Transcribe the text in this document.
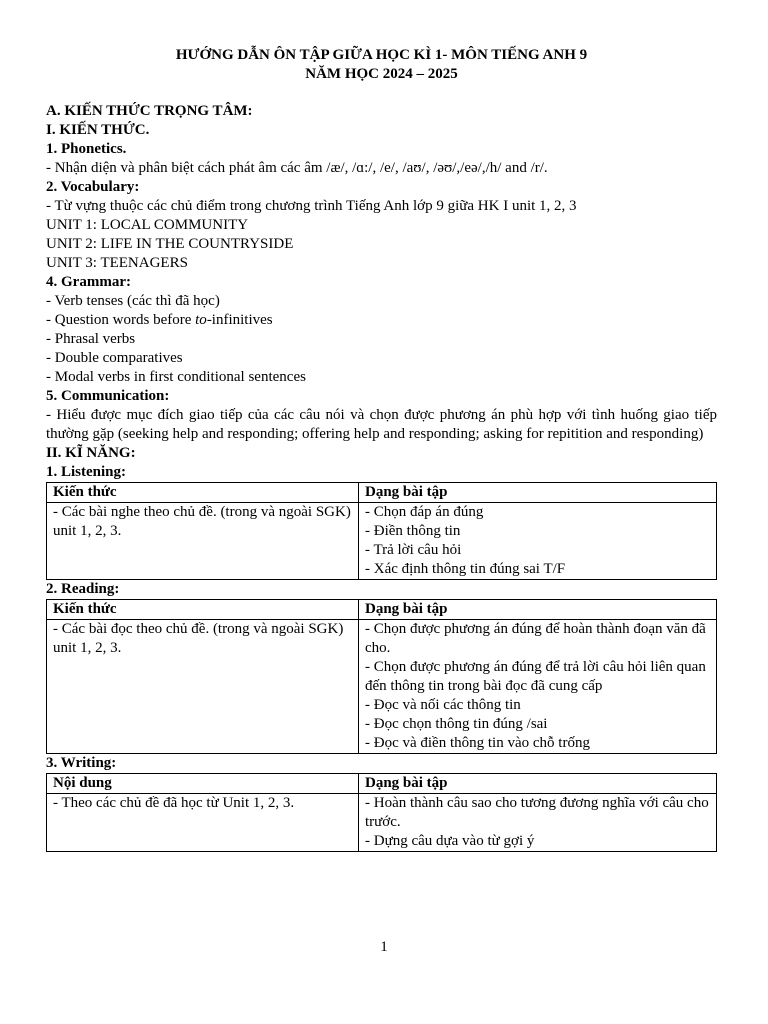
HƯỚNG DẪN ÔN TẬP GIỮA HỌC KÌ 1- MÔN TIẾNG ANH 9
NĂM HỌC 2024 – 2025
A. KIẾN THỨC TRỌNG TÂM:
I. KIẾN THỨC.
1. Phonetics.
- Nhận diện và phân biệt cách phát âm các âm /æ/, /ɑ:/, /e/, /aʊ/, /əʊ/,/eə/,/h/ and /r/.
2. Vocabulary:
- Từ vựng thuộc các chủ điểm trong chương trình Tiếng Anh lớp 9 giữa HK I unit 1, 2, 3
UNIT 1: LOCAL COMMUNITY
UNIT 2: LIFE IN THE COUNTRYSIDE
UNIT 3: TEENAGERS
4. Grammar:
- Verb tenses (các thì đã học)
- Question words before to-infinitives
- Phrasal verbs
- Double comparatives
- Modal verbs in first conditional sentences
5. Communication:
- Hiểu được mục đích giao tiếp của các câu nói và chọn được phương án phù hợp với tình huống giao tiếp thường gặp (seeking help and responding; offering help and responding; asking for repitition and responding)
II. KĨ NĂNG:
1. Listening:
Kiến thức	Dạng bài tập
- Các bài nghe theo chủ đề. (trong và ngoài SGK) unit 1, 2, 3.	- Chọn đáp án đúng
- Điền thông tin
- Trả lời câu hỏi
- Xác định thông tin đúng sai T/F
2. Reading:
Kiến thức	Dạng bài tập
- Các bài đọc theo chủ đề. (trong và ngoài SGK) unit 1, 2, 3.	- Chọn được phương án đúng để hoàn thành đoạn văn đã cho.
- Chọn được phương án đúng để trả lời câu hỏi liên quan đến thông tin trong bài đọc đã cung cấp
- Đọc và nối các thông tin
- Đọc chọn thông tin đúng /sai
- Đọc và điền thông tin vào chỗ trống
3. Writing:
Nội dung	Dạng bài tập
- Theo các chủ đề đã học từ Unit 1, 2, 3.	- Hoàn thành câu sao cho tương đương nghĩa với câu cho trước.
- Dựng câu dựa vào từ gợi ý
1
